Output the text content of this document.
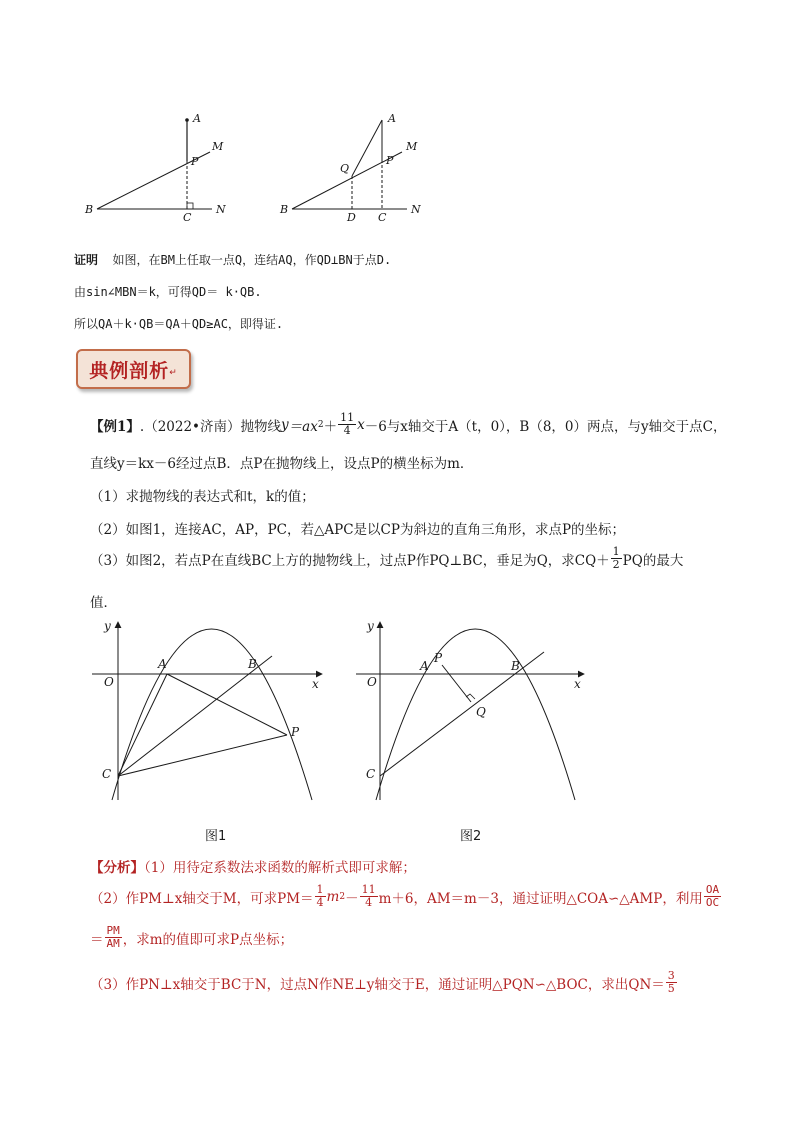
A
M
P
B
C
N
A
M
Q
P
B
D C
N
证明 如图，在BM上任取一点Q，连结AQ，作QD⊥BN于点D.
由sin∠MBN＝k，可得QD＝ k·QB.
所以QA＋k·QB＝QA＋QD≥AC，即得证.
典例剖析 ↵
【例1】 .（2022•济南）抛物线 y ＝ax $2 + \frac{11}{4}$ x －6与x轴交于A（t，0），B（8，0）两点，与y轴交于点C，
直线y＝kx－6经过点B．点P在抛物线上，设点P的横坐标为m．
（1）求抛物线的表达式和t，k的值；
（2）如图1，连接AC，AP，PC，若△APC是以CP为斜边的直角三角形，求点P的坐标；
（3）如图2，若点P在直线BC上方的抛物线上，过点P作PQ⊥BC，垂足为Q，求$CQ+ \frac{1}{2}$ PQ的最大
值．
y
A	B
O	x
P
C
y
P
A	B
O	x
Q
C
图1	图2
【分析】（1）用待定系数法求函数的解析式即可求解；
（2）作PM⊥x轴交于M，可求$PM= \frac{1}{4}$ m $2 - \frac{11}{4} m+6$，AM＝m－3，通过证明△COA∽△AMP，利用 $\frac{OA}{OC}$
＝ $\frac{PM}{AM}$ ，求m的值即可求P点坐标；
（3）作PN⊥x轴交于BC于N，过点N作NE⊥y轴交于E，通过证明△PQN∽△BOC，求出$QN= \frac{3}{5}$
